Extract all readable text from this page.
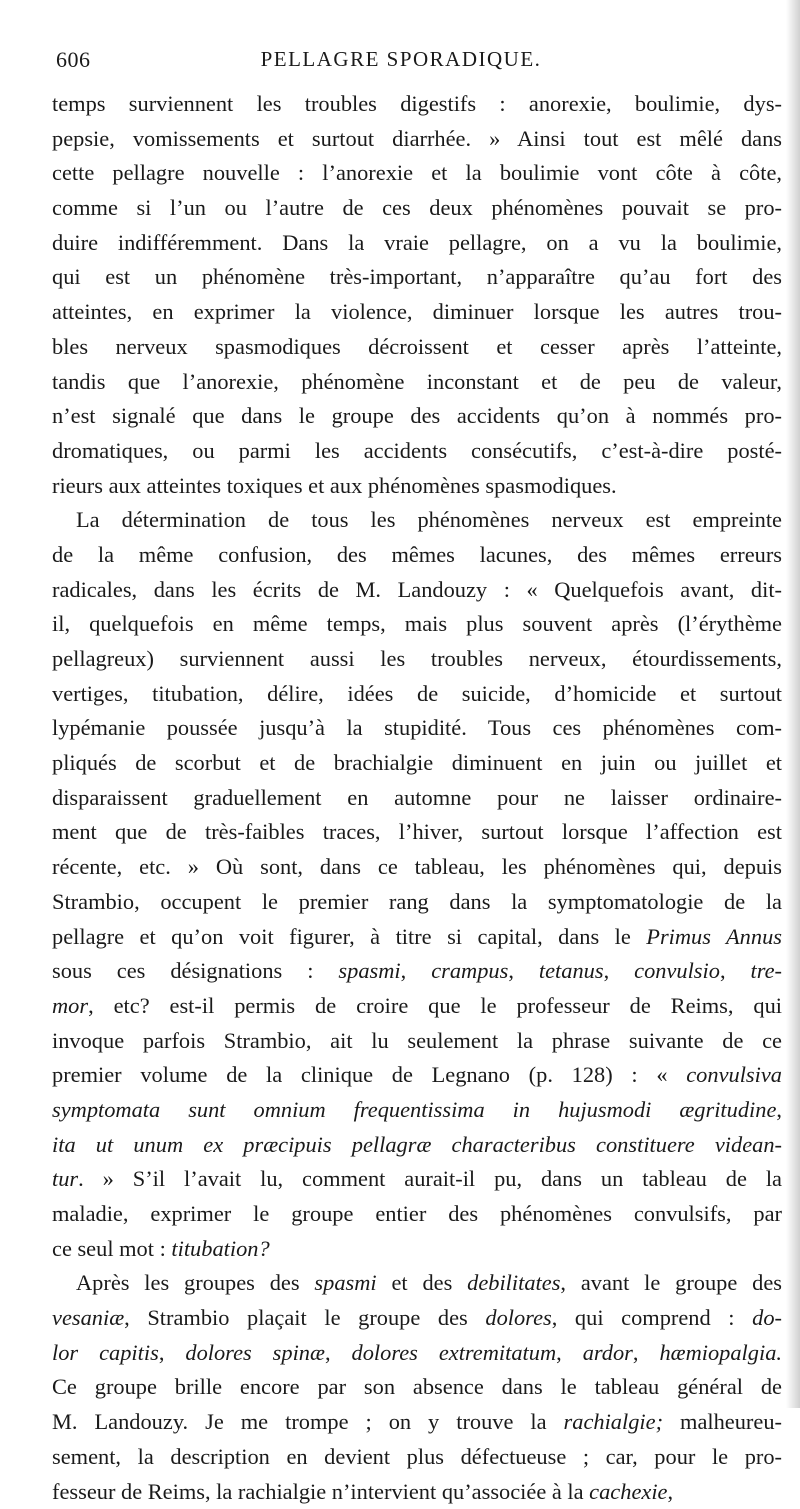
606	PELLAGRE SPORADIQUE.
temps surviennent les troubles digestifs : anorexie, boulimie, dys-
pepsie, vomissements et surtout diarrhée. » Ainsi tout est mêlé dans
cette pellagre nouvelle : l’anorexie et la boulimie vont côte à côte,
comme si l’un ou l’autre de ces deux phénomènes pouvait se pro-
duire indifféremment. Dans la vraie pellagre, on a vu la boulimie,
qui est un phénomène très-important, n’apparaître qu’au fort des
atteintes, en exprimer la violence, diminuer lorsque les autres trou-
bles nerveux spasmodiques décroissent et cesser après l’atteinte,
tandis que l’anorexie, phénomène inconstant et de peu de valeur,
n’est signalé que dans le groupe des accidents qu’on à nommés pro-
dromatiques, ou parmi les accidents consécutifs, c’est-à-dire posté-
rieurs aux atteintes toxiques et aux phénomènes spasmodiques.
La détermination de tous les phénomènes nerveux est empreinte
de la même confusion, des mêmes lacunes, des mêmes erreurs
radicales, dans les écrits de M. Landouzy : « Quelquefois avant, dit-
il, quelquefois en même temps, mais plus souvent après (l’érythème
pellagreux) surviennent aussi les troubles nerveux, étourdissements,
vertiges, titubation, délire, idées de suicide, d’homicide et surtout
lypémanie poussée jusqu’à la stupidité. Tous ces phénomènes com-
pliqués de scorbut et de brachialgie diminuent en juin ou juillet et
disparaissent graduellement en automne pour ne laisser ordinaire-
ment que de très-faibles traces, l’hiver, surtout lorsque l’affection est
récente, etc. » Où sont, dans ce tableau, les phénomènes qui, depuis
Strambio, occupent le premier rang dans la symptomatologie de la
pellagre et qu’on voit figurer, à titre si capital, dans le Primus Annus
sous ces désignations : spasmi, crampus, tetanus, convulsio, tre-
mor, etc? est-il permis de croire que le professeur de Reims, qui
invoque parfois Strambio, ait lu seulement la phrase suivante de ce
premier volume de la clinique de Legnano (p. 128) : « convulsiva
symptomata sunt omnium frequentissima in hujusmodi ægritudine,
ita ut unum ex præcipuis pellagræ characteribus constituere videan-
tur. » S’il l’avait lu, comment aurait-il pu, dans un tableau de la
maladie, exprimer le groupe entier des phénomènes convulsifs, par
ce seul mot : titubation?
Après les groupes des spasmi et des debilitates, avant le groupe des
vesaniæ, Strambio plaçait le groupe des dolores, qui comprend : do-
lor capitis, dolores spinæ, dolores extremitatum, ardor, hæmiopalgia.
Ce groupe brille encore par son absence dans le tableau général de
M. Landouzy. Je me trompe ; on y trouve la rachialgie; malheureu-
sement, la description en devient plus défectueuse ; car, pour le pro-
fesseur de Reims, la rachialgie n’intervient qu’associée à la cachexie,
